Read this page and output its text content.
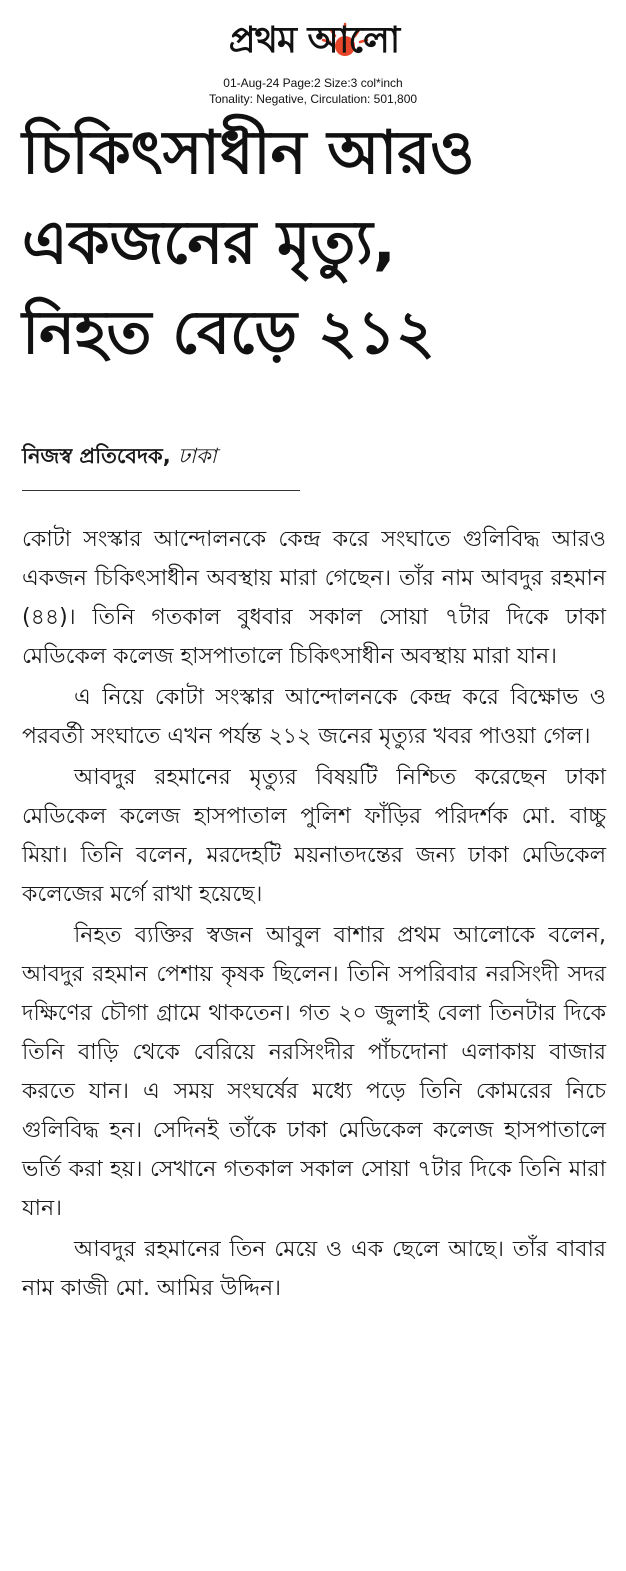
প্রথম আলো
01-Aug-24 Page:2 Size:3 col*inch
Tonality: Negative, Circulation: 501,800
চিকিৎসাধীন আরও
একজনের মৃত্যু,
নিহত বেড়ে ২১২
নিজস্ব প্রতিবেদক, ঢাকা

কোটা সংস্কার আন্দোলনকে কেন্দ্র করে সংঘাতে গুলিবিদ্ধ আরও একজন চিকিৎসাধীন অবস্থায় মারা গেছেন। তাঁর নাম আবদুর রহমান (৪৪)। তিনি গতকাল বুধবার সকাল সোয়া ৭টার দিকে ঢাকা মেডিকেল কলেজ হাসপাতালে চিকিৎসাধীন অবস্থায় মারা যান।

এ নিয়ে কোটা সংস্কার আন্দোলনকে কেন্দ্র করে বিক্ষোভ ও পরবর্তী সংঘাতে এখন পর্যন্ত ২১২ জনের মৃত্যুর খবর পাওয়া গেল।

আবদুর রহমানের মৃত্যুর বিষয়টি নিশ্চিত করেছেন ঢাকা মেডিকেল কলেজ হাসপাতাল পুলিশ ফাঁড়ির পরিদর্শক মো. বাচ্চু মিয়া। তিনি বলেন, মরদেহটি ময়নাতদন্তের জন্য ঢাকা মেডিকেল কলেজের মর্গে রাখা হয়েছে।

নিহত ব্যক্তির স্বজন আবুল বাশার প্রথম আলোকে বলেন, আবদুর রহমান পেশায় কৃষক ছিলেন। তিনি সপরিবার নরসিংদী সদর দক্ষিণের চৌগা গ্রামে থাকতেন। গত ২০ জুলাই বেলা তিনটার দিকে তিনি বাড়ি থেকে বেরিয়ে নরসিংদীর পাঁচদোনা এলাকায় বাজার করতে যান। এ সময় সংঘর্ষের মধ্যে পড়ে তিনি কোমরের নিচে গুলিবিদ্ধ হন। সেদিনই তাঁকে ঢাকা মেডিকেল কলেজ হাসপাতালে ভর্তি করা হয়। সেখানে গতকাল সকাল সোয়া ৭টার দিকে তিনি মারা যান।

আবদুর রহমানের তিন মেয়ে ও এক ছেলে আছে। তাঁর বাবার নাম কাজী মো. আমির উদ্দিন।
